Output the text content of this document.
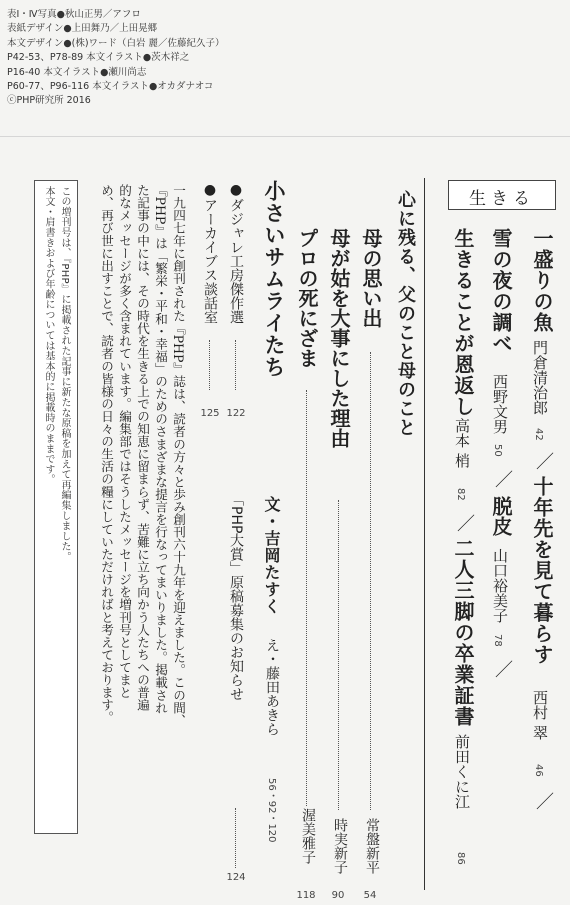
表Ⅰ・Ⅳ写真●秋山正男／アフロ
表紙デザイン●上田舞乃／上田晃郷
本文デザイン●(株)ワード（白岩 麗／佐藤紀久子）
P42-53、P78-89 本文イラスト●茨木祥之
P16-40 本文イラスト●瀬川尚志
P60-77、P96-116 本文イラスト●オカダナオコ
ⓒPHP研究所 2016
生きる
一盛りの魚
門倉清治郎
42
／
十年先を見て暮らす
西村 翠
46
／
雪の夜の調べ
西野文男
50
／
脱皮
山口裕美子
78
／
生きることが恩返し
高本 梢
82
／
二人三脚の卒業証書
前田くに江
86
心に残る、父のこと母のこと
母の思い出
常盤新平
54
母が姑を大事にした理由
時実新子
90
プロの死にざま
渥美雅子
118
小さいサムライたち
文・吉岡たすく
え・藤田あきら
56・92・120
●ダジャレ工房傑作選
122
●アーカイブス談話室
125
「PHP大賞」原稿募集のお知らせ
124
一九四七年に創刊された『PHP』誌は、読者の方々と歩み創刊六十九年を迎えました。この間、
『PHP』は「繁栄・平和・幸福」のためのさまざまな提言を行なってまいりました。掲載され
た記事の中には、その時代を生きる上での知恵に留まらず、苦難に立ち向かう人たちへの普遍
的なメッセージが多く含まれています。編集部ではそうしたメッセージを増刊号としてまと
め、再び世に出すことで、読者の皆様の日々の生活の糧にしていただければと考えております。
この増刊号は、『PHP』に掲載された記事に新たな原稿を加えて再編集しました。
本文・肩書きおよび年齢については基本的に掲載時のままです。
